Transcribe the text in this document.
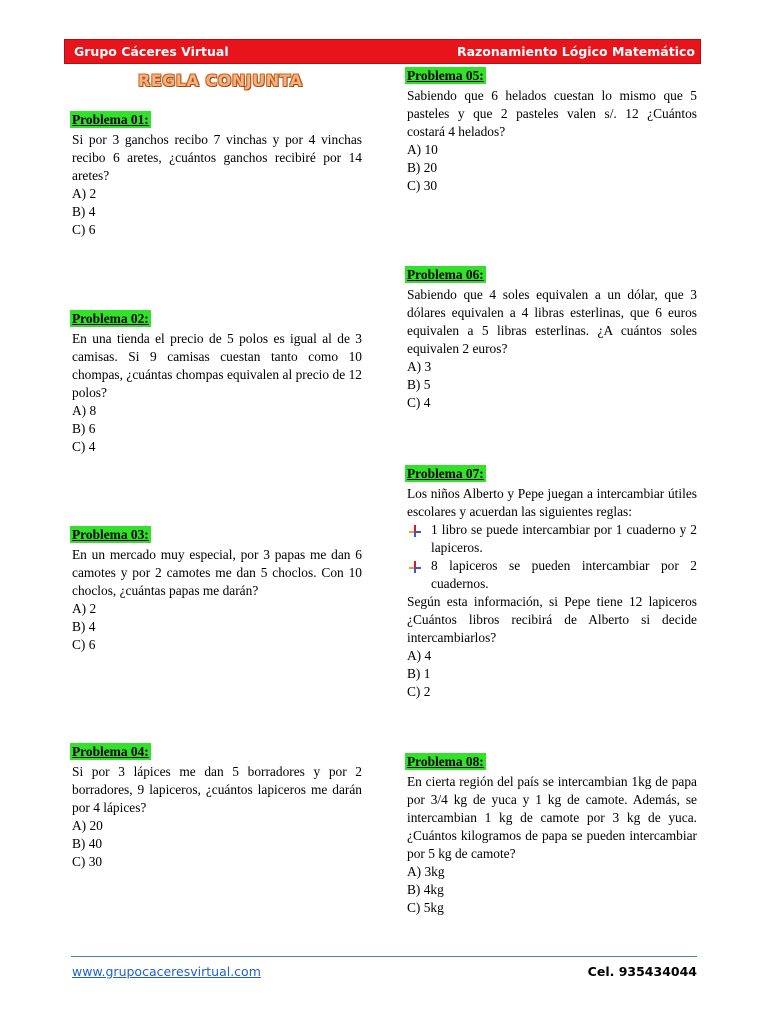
Grupo Cáceres Virtual	Razonamiento Lógico Matemático
REGLA CONJUNTA
Problema 01:

Si por 3 ganchos recibo 7 vinchas y por 4 vinchas recibo 6 aretes, ¿cuántos ganchos recibiré por 14 aretes?

A) 2
B) 4
C) 6
Problema 02:

En una tienda el precio de 5 polos es igual al de 3 camisas. Si 9 camisas cuestan tanto como 10 chompas, ¿cuántas chompas equivalen al precio de 12 polos?

A) 8
B) 6
C) 4
Problema 03:

En un mercado muy especial, por 3 papas me dan 6 camotes y por 2 camotes me dan 5 choclos. Con 10 choclos, ¿cuántas papas me darán?

A) 2
B) 4
C) 6
Problema 04:

Si por 3 lápices me dan 5 borradores y por 2 borradores, 9 lapiceros, ¿cuántos lapiceros me darán por 4 lápices?

A) 20
B) 40
C) 30
Problema 05:

Sabiendo que 6 helados cuestan lo mismo que 5 pasteles y que 2 pasteles valen s/. 12 ¿Cuántos costará 4 helados?

A) 10
B) 20
C) 30
Problema 06:

Sabiendo que 4 soles equivalen a un dólar, que 3 dólares equivalen a 4 libras esterlinas, que 6 euros equivalen a 5 libras esterlinas. ¿A cuántos soles equivalen 2 euros?

A) 3
B) 5
C) 4
Problema 07:

Los niños Alberto y Pepe juegan a intercambiar útiles escolares y acuerdan las siguientes reglas:

1 libro se puede intercambiar por 1 cuaderno y 2 lapiceros.
8 lapiceros se pueden intercambiar por 2 cuadernos.

Según esta información, si Pepe tiene 12 lapiceros ¿Cuántos libros recibirá de Alberto si decide intercambiarlos?

A) 4
B) 1
C) 2
Problema 08:

En cierta región del país se intercambian 1kg de papa por 3/4 kg de yuca y 1 kg de camote. Además, se intercambian 1 kg de camote por 3 kg de yuca. ¿Cuántos kilogramos de papa se pueden intercambiar por 5 kg de camote?

A) 3kg
B) 4kg
C) 5kg
www.grupocaceresvirtual.com	Cel. 935434044
